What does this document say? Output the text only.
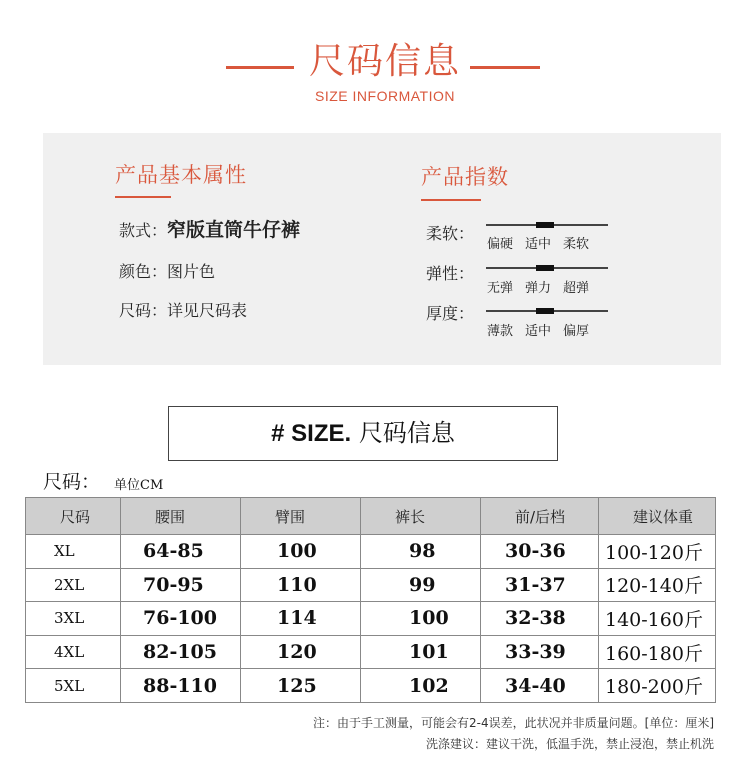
尺码信息
SIZE INFORMATION
产品基本属性
款式：窄版直筒牛仔裤
颜色：图片色
尺码：详见尺码表
产品指数
柔软：
偏硬 适中 柔软
弹性：
无弹 弹力 超弹
厚度：
薄款 适中 偏厚
# SIZE. 尺码信息
尺码： 单位CM
尺码	腰围	臂围	裤长	前/后档	建议体重
XL	64-85	100	98	30-36	100-120斤
2XL	70-95	110	99	31-37	120-140斤
3XL	76-100	114	100	32-38	140-160斤
4XL	82-105	120	101	33-39	160-180斤
5XL	88-110	125	102	34-40	180-200斤
注：由于手工测量，可能会有2-4误差，此状况并非质量问题。[单位：厘米]
洗涤建议：建议干洗，低温手洗，禁止浸泡，禁止机洗
